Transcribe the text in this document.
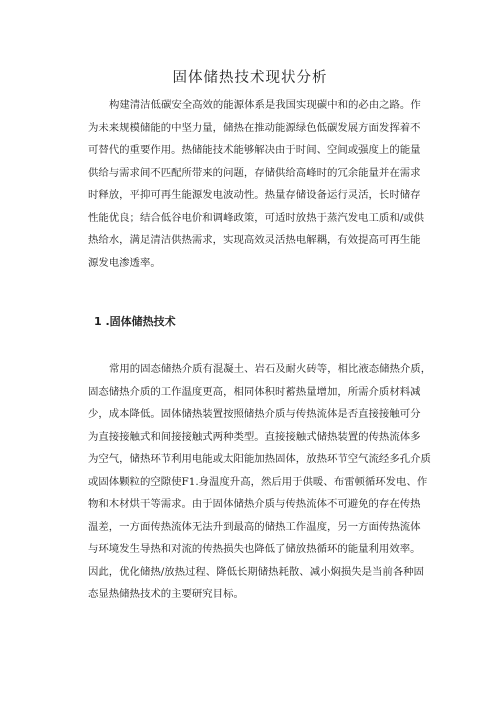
固体储热技术现状分析

构建清洁低碳安全高效的能源体系是我国实现碳中和的必由之路。作
为未来规模储能的中坚力量，储热在推动能源绿色低碳发展方面发挥着不
可替代的重要作用。热储能技术能够解决由于时间、空间或强度上的能量
供给与需求间不匹配所带来的问题，存储供给高峰时的冗余能量并在需求
时释放，平抑可再生能源发电波动性。热量存储设备运行灵活，长时储存
性能优良；结合低谷电价和调峰政策，可适时放热于蒸汽发电工质和/或供
热给水，满足清洁供热需求，实现高效灵活热电解耦，有效提高可再生能
源发电渗透率。

1 .固体储热技术

常用的固态储热介质有混凝土、岩石及耐火砖等，相比液态储热介质，
固态储热介质的工作温度更高，相同体积时蓄热量增加，所需介质材料减
少，成本降低。固体储热装置按照储热介质与传热流体是否直接接触可分
为直接接触式和间接接触式两种类型。直接接触式储热装置的传热流体多
为空气，储热环节利用电能或太阳能加热固体，放热环节空气流经多孔介质
或固体颗粒的空隙使F1.身温度升高，然后用于供暖、布雷顿循环发电、作
物和木材烘干等需求。由于固体储热介质与传热流体不可避免的存在传热
温差，一方面传热流体无法升到最高的储热工作温度，另一方面传热流体
与环境发生导热和对流的传热损失也降低了储放热循环的能量利用效率。
因此，优化储热/放热过程、降低长期储热耗散、减小焖损失是当前各种固
态显热储热技术的主要研究目标。
